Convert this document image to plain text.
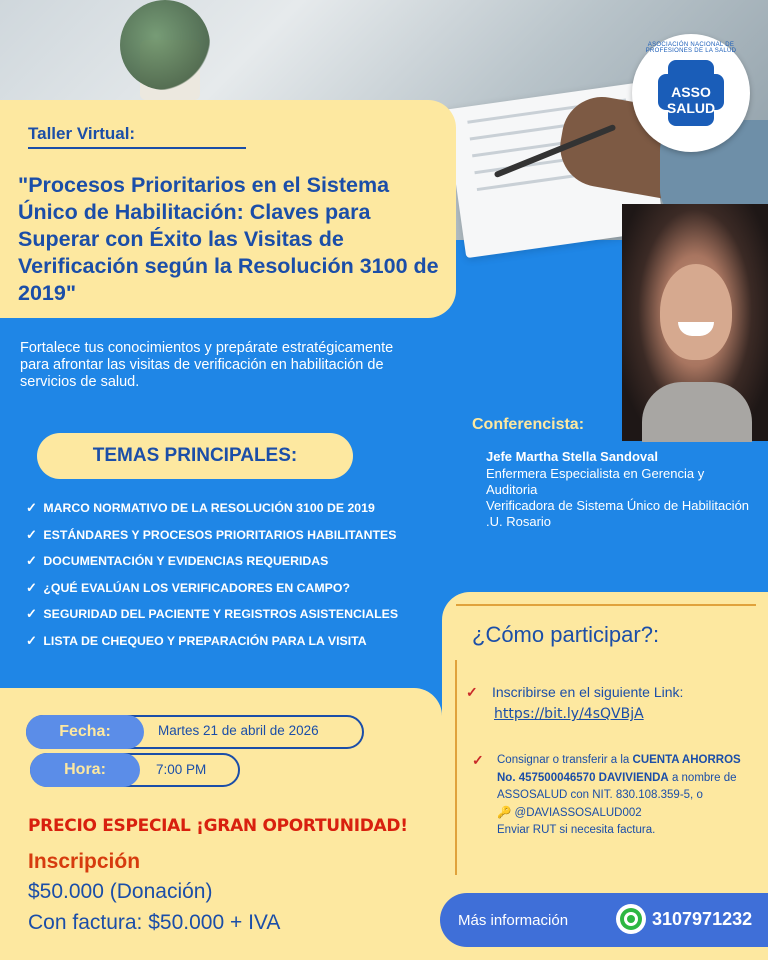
ASOCIACIÓN NACIONAL DE PROFESIONES DE LA SALUD
ASSO SALUD
Taller Virtual:
"Procesos Prioritarios en el Sistema Único de Habilitación: Claves para Superar con Éxito las Visitas de Verificación según la Resolución 3100 de 2019"
Fortalece tus conocimientos y prepárate estratégicamente para afrontar las visitas de verificación en habilitación de servicios de salud.
TEMAS PRINCIPALES:
✓ MARCO NORMATIVO DE LA RESOLUCIÓN 3100 DE 2019
✓ ESTÁNDARES Y PROCESOS PRIORITARIOS HABILITANTES
✓ DOCUMENTACIÓN Y EVIDENCIAS REQUERIDAS
✓ ¿QUÉ EVALÚAN LOS VERIFICADORES EN CAMPO?
✓ SEGURIDAD DEL PACIENTE Y REGISTROS ASISTENCIALES
✓ LISTA DE CHEQUEO Y PREPARACIÓN PARA LA VISITA
Conferencista:
Jefe Martha Stella Sandoval
Enfermera Especialista en Gerencia y Auditoria
Verificadora de Sistema Único de Habilitación .U. Rosario
¿Cómo participar?:
✓ Inscribirse en el siguiente Link:
https://bit.ly/4sQVBjA
✓ Consignar o transferir a la CUENTA AHORROS No. 457500046570 DAVIVIENDA a nombre de ASSOSALUD con NIT. 830.108.359-5, o
🔑 @DAVIASSOSALUD002
Enviar RUT si necesita factura.
Fecha:	Martes 21 de abril de 2026
Hora:	7:00 PM
PRECIO ESPECIAL ¡GRAN OPORTUNIDAD!
Inscripción
$50.000 (Donación)
Con factura: $50.000 + IVA	Más información	3107971232
